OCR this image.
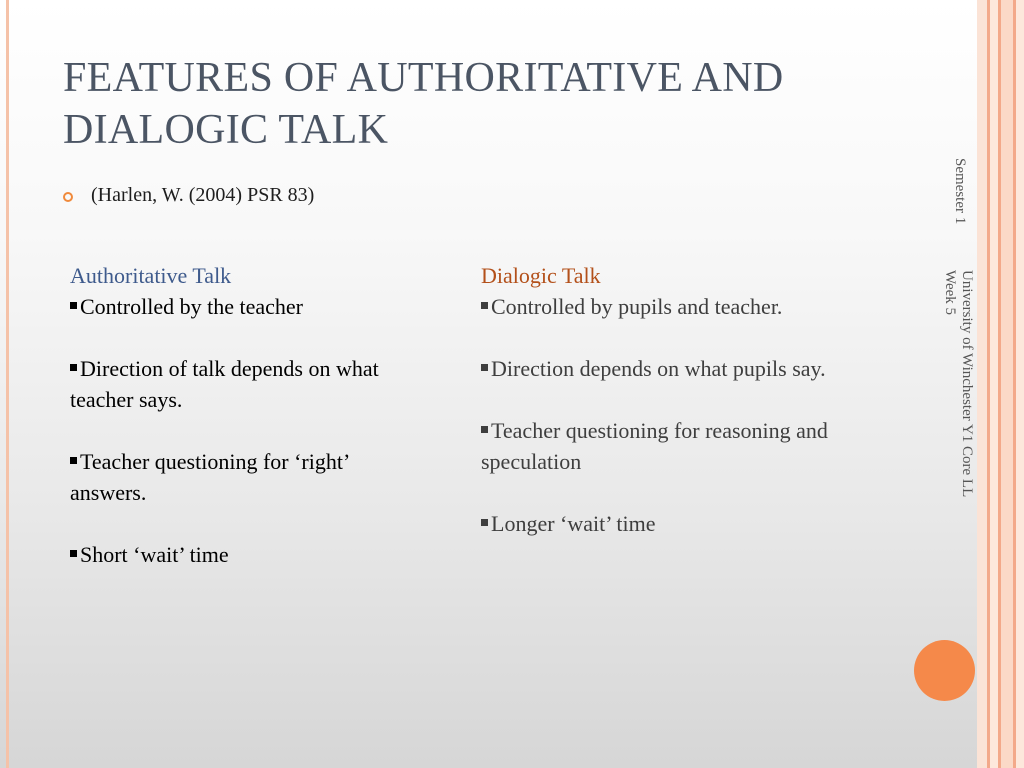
FEATURES OF AUTHORITATIVE AND DIALOGIC TALK
(Harlen, W. (2004) PSR 83)
Authoritative Talk
Controlled by the teacher
Direction of talk depends on what teacher says.
Teacher questioning for ‘right’ answers.
Short ‘wait’ time
Dialogic Talk
Controlled by pupils and teacher.
Direction depends on what pupils say.
Teacher questioning for reasoning and speculation
Longer ‘wait’ time
Semester 1
University of Winchester Y1 Core LL
Week 5
